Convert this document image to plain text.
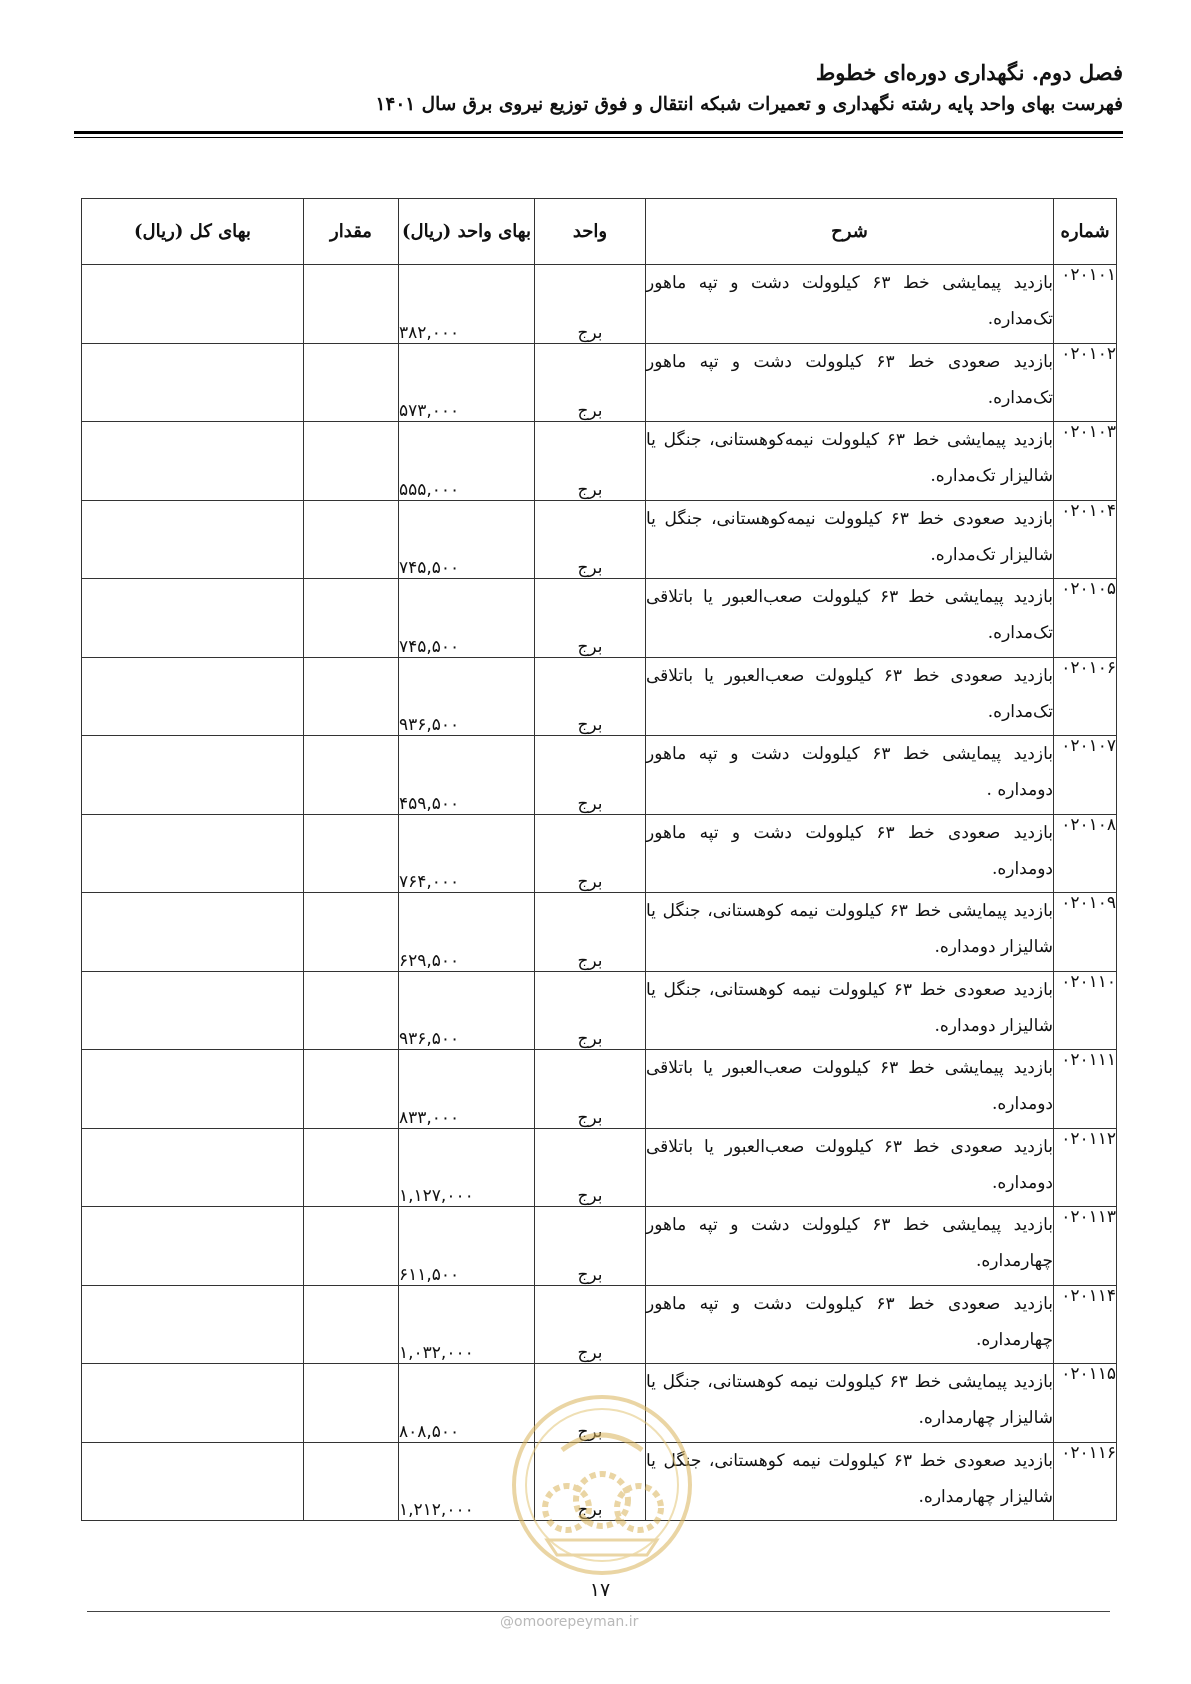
فصل دوم. نگهداری دوره‌ای خطوط
فهرست بهای واحد پایه رشته نگهداری و تعمیرات شبکه انتقال و فوق توزیع نیروی برق سال ۱۴۰۱
شماره	شرح	واحد	بهای واحد (ریال)	مقدار	بهای کل (ریال)
۰۲۰۱۰۱	بازدید پیمایشی خط ۶۳ کیلوولت دشت و تپه ماهور تک‌مداره.	برج	۳۸۲,۰۰۰		
۰۲۰۱۰۲	بازدید صعودی خط ۶۳ کیلوولت دشت و تپه ماهور تک‌مداره.	برج	۵۷۳,۰۰۰		
۰۲۰۱۰۳	بازدید پیمایشی خط ۶۳ کیلوولت نیمه‌کوهستانی، جنگل یا شالیزار تک‌مداره.	برج	۵۵۵,۰۰۰		
۰۲۰۱۰۴	بازدید صعودی خط ۶۳ کیلوولت نیمه‌کوهستانی، جنگل یا شالیزار تک‌مداره.	برج	۷۴۵,۵۰۰		
۰۲۰۱۰۵	بازدید پیمایشی خط ۶۳ کیلوولت صعب‌العبور یا باتلاقی تک‌مداره.	برج	۷۴۵,۵۰۰		
۰۲۰۱۰۶	بازدید صعودی خط ۶۳ کیلوولت صعب‌العبور یا باتلاقی تک‌مداره.	برج	۹۳۶,۵۰۰		
۰۲۰۱۰۷	بازدید پیمایشی خط ۶۳ کیلوولت دشت و تپه ماهور دومداره .	برج	۴۵۹,۵۰۰		
۰۲۰۱۰۸	بازدید صعودی خط ۶۳ کیلوولت دشت و تپه ماهور دومداره.	برج	۷۶۴,۰۰۰		
۰۲۰۱۰۹	بازدید پیمایشی خط ۶۳ کیلوولت نیمه کوهستانی، جنگل یا شالیزار دومداره.	برج	۶۲۹,۵۰۰		
۰۲۰۱۱۰	بازدید صعودی خط ۶۳ کیلوولت نیمه کوهستانی، جنگل یا شالیزار دومداره.	برج	۹۳۶,۵۰۰		
۰۲۰۱۱۱	بازدید پیمایشی خط ۶۳ کیلوولت صعب‌العبور یا باتلاقی دومداره.	برج	۸۳۳,۰۰۰		
۰۲۰۱۱۲	بازدید صعودی خط ۶۳ کیلوولت صعب‌العبور یا باتلاقی دومداره.	برج	۱,۱۲۷,۰۰۰		
۰۲۰۱۱۳	بازدید پیمایشی خط ۶۳ کیلوولت دشت و تپه ماهور چهارمداره.	برج	۶۱۱,۵۰۰		
۰۲۰۱۱۴	بازدید صعودی خط ۶۳ کیلوولت دشت و تپه ماهور چهارمداره.	برج	۱,۰۳۲,۰۰۰		
۰۲۰۱۱۵	بازدید پیمایشی خط ۶۳ کیلوولت نیمه کوهستانی، جنگل یا شالیزار چهارمداره.	برج	۸۰۸,۵۰۰		
۰۲۰۱۱۶	بازدید صعودی خط ۶۳ کیلوولت نیمه کوهستانی، جنگل یا شالیزار چهارمداره.	برج	۱,۲۱۲,۰۰۰		
۱۷
@omoorepeyman.ir
